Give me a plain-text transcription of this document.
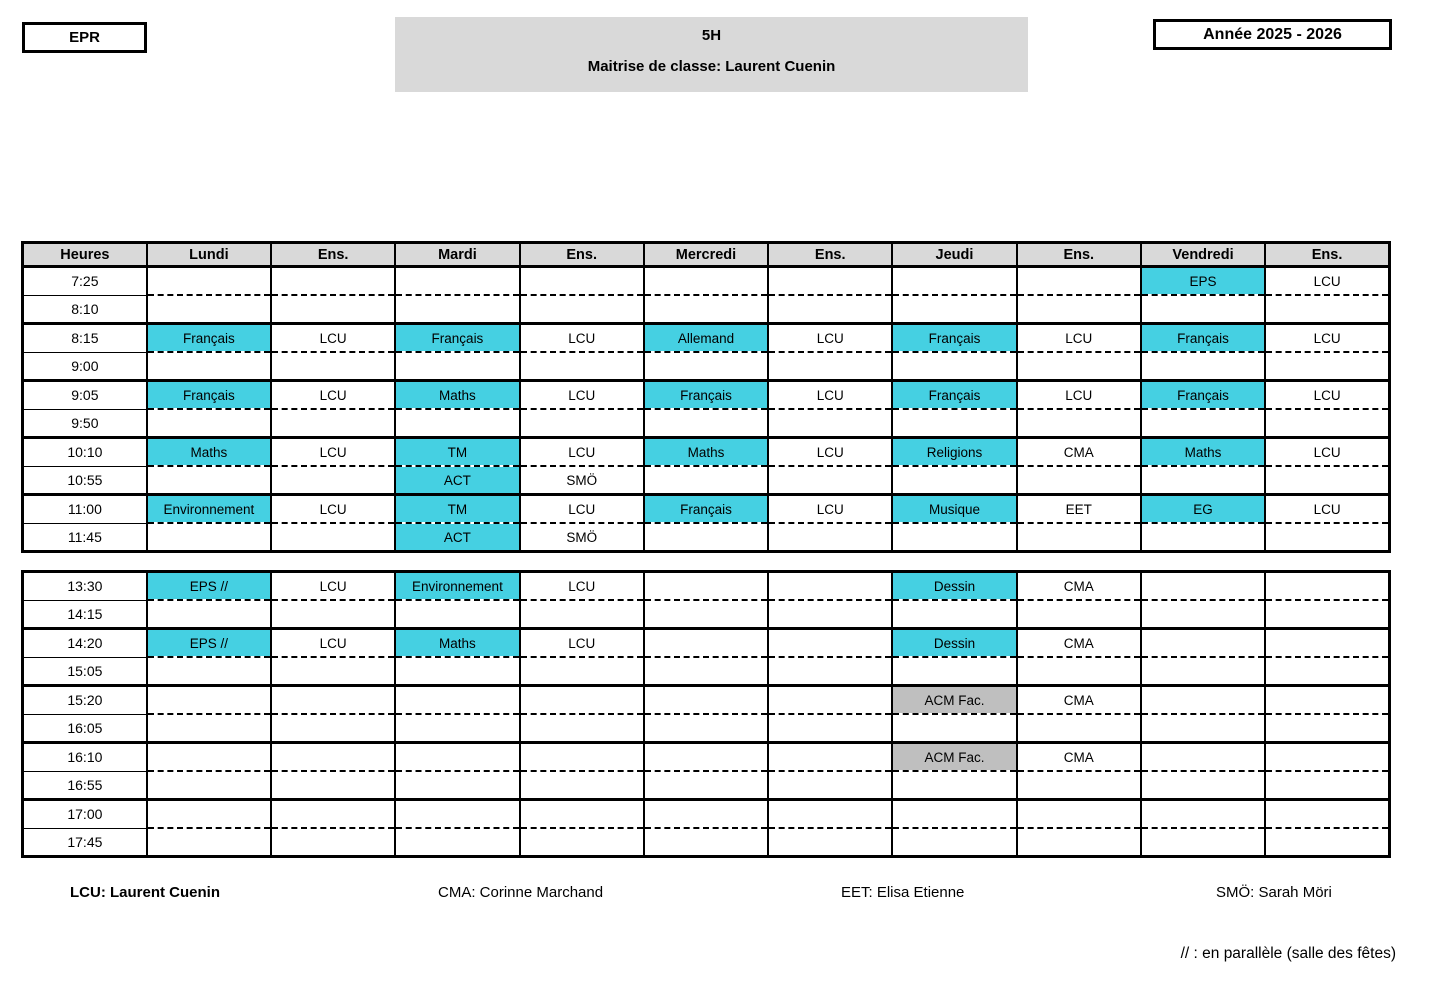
EPR	5H
Maitrise de classe: Laurent Cuenin
Année 2025 - 2026
Heures	Lundi	Ens.	Mardi	Ens.	Mercredi	Ens.	Jeudi	Ens.	Vendredi	Ens.
7:25									EPS	LCU
8:10										
8:15	Français	LCU	Français	LCU	Allemand	LCU	Français	LCU	Français	LCU
9:00										
9:05	Français	LCU	Maths	LCU	Français	LCU	Français	LCU	Français	LCU
9:50										
10:10	Maths	LCU	TM	LCU	Maths	LCU	Religions	CMA	Maths	LCU
10:55			ACT	SMÖ						
11:00	Environnement	LCU	TM	LCU	Français	LCU	Musique	EET	EG	LCU
11:45			ACT	SMÖ						
13:30	EPS //	LCU	Environnement	LCU			Dessin	CMA		
14:15										
14:20	EPS //	LCU	Maths	LCU			Dessin	CMA		
15:05										
15:20							ACM Fac.	CMA		
16:05										
16:10							ACM Fac.	CMA		
16:55										
17:00										
17:45										
LCU: Laurent Cuenin	CMA: Corinne Marchand	EET: Elisa Etienne	SMÖ: Sarah Möri
// : en parallèle (salle des fêtes)
